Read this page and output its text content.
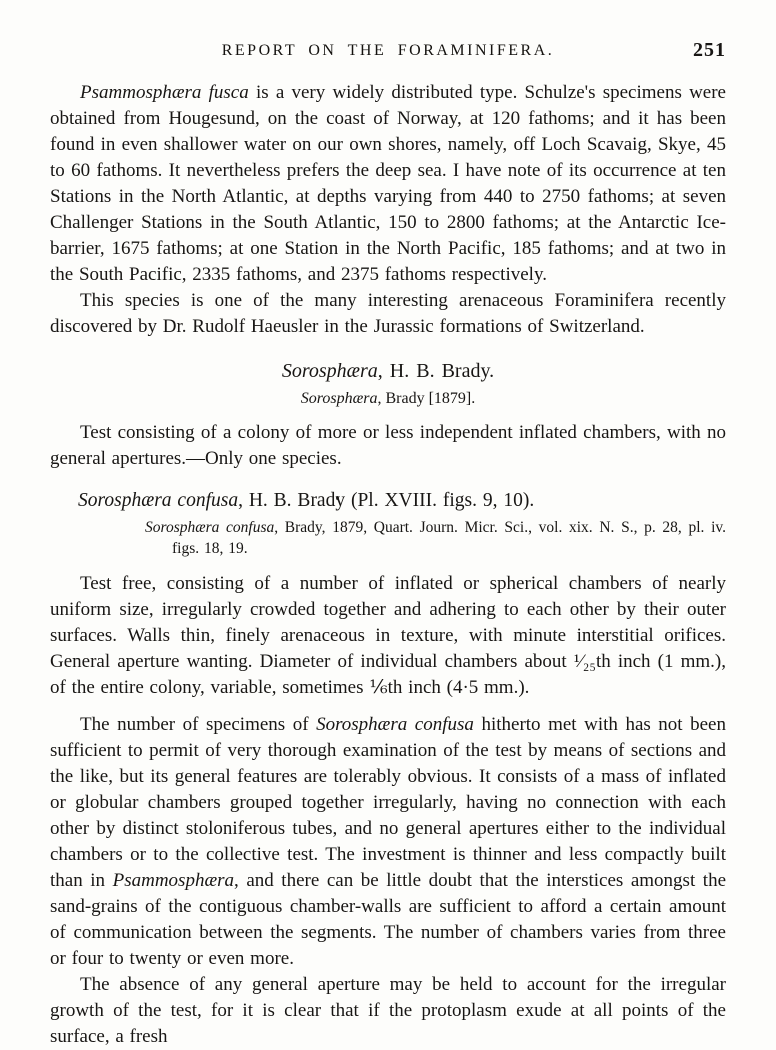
REPORT ON THE FORAMINIFERA.	251

Psammosphæra fusca is a very widely distributed type. Schulze's specimens were obtained from Hougesund, on the coast of Norway, at 120 fathoms; and it has been found in even shallower water on our own shores, namely, off Loch Scavaig, Skye, 45 to 60 fathoms. It nevertheless prefers the deep sea. I have note of its occurrence at ten Stations in the North Atlantic, at depths varying from 440 to 2750 fathoms; at seven Challenger Stations in the South Atlantic, 150 to 2800 fathoms; at the Antarctic Ice-barrier, 1675 fathoms; at one Station in the North Pacific, 185 fathoms; and at two in the South Pacific, 2335 fathoms, and 2375 fathoms respectively.

This species is one of the many interesting arenaceous Foraminifera recently discovered by Dr. Rudolf Haeusler in the Jurassic formations of Switzerland.

Sorosphæra, H. B. Brady.
Sorosphæra, Brady [1879].

Test consisting of a colony of more or less independent inflated chambers, with no general apertures.—Only one species.

Sorosphæra confusa, H. B. Brady (Pl. XVIII. figs. 9, 10).

Sorosphæra confusa, Brady, 1879, Quart. Journ. Micr. Sci., vol. xix. N. S., p. 28, pl. iv. figs. 18, 19.

Test free, consisting of a number of inflated or spherical chambers of nearly uniform size, irregularly crowded together and adhering to each other by their outer surfaces. Walls thin, finely arenaceous in texture, with minute interstitial orifices. General aperture wanting. Diameter of individual chambers about ¹⁄₂₅th inch (1 mm.), of the entire colony, variable, sometimes ⅙th inch (4·5 mm.).

The number of specimens of Sorosphæra confusa hitherto met with has not been sufficient to permit of very thorough examination of the test by means of sections and the like, but its general features are tolerably obvious. It consists of a mass of inflated or globular chambers grouped together irregularly, having no connection with each other by distinct stoloniferous tubes, and no general apertures either to the individual chambers or to the collective test. The investment is thinner and less compactly built than in Psammosphæra, and there can be little doubt that the interstices amongst the sand-grains of the contiguous chamber-walls are sufficient to afford a certain amount of communication between the segments. The number of chambers varies from three or four to twenty or even more.

The absence of any general aperture may be held to account for the irregular growth of the test, for it is clear that if the protoplasm exude at all points of the surface, a fresh
